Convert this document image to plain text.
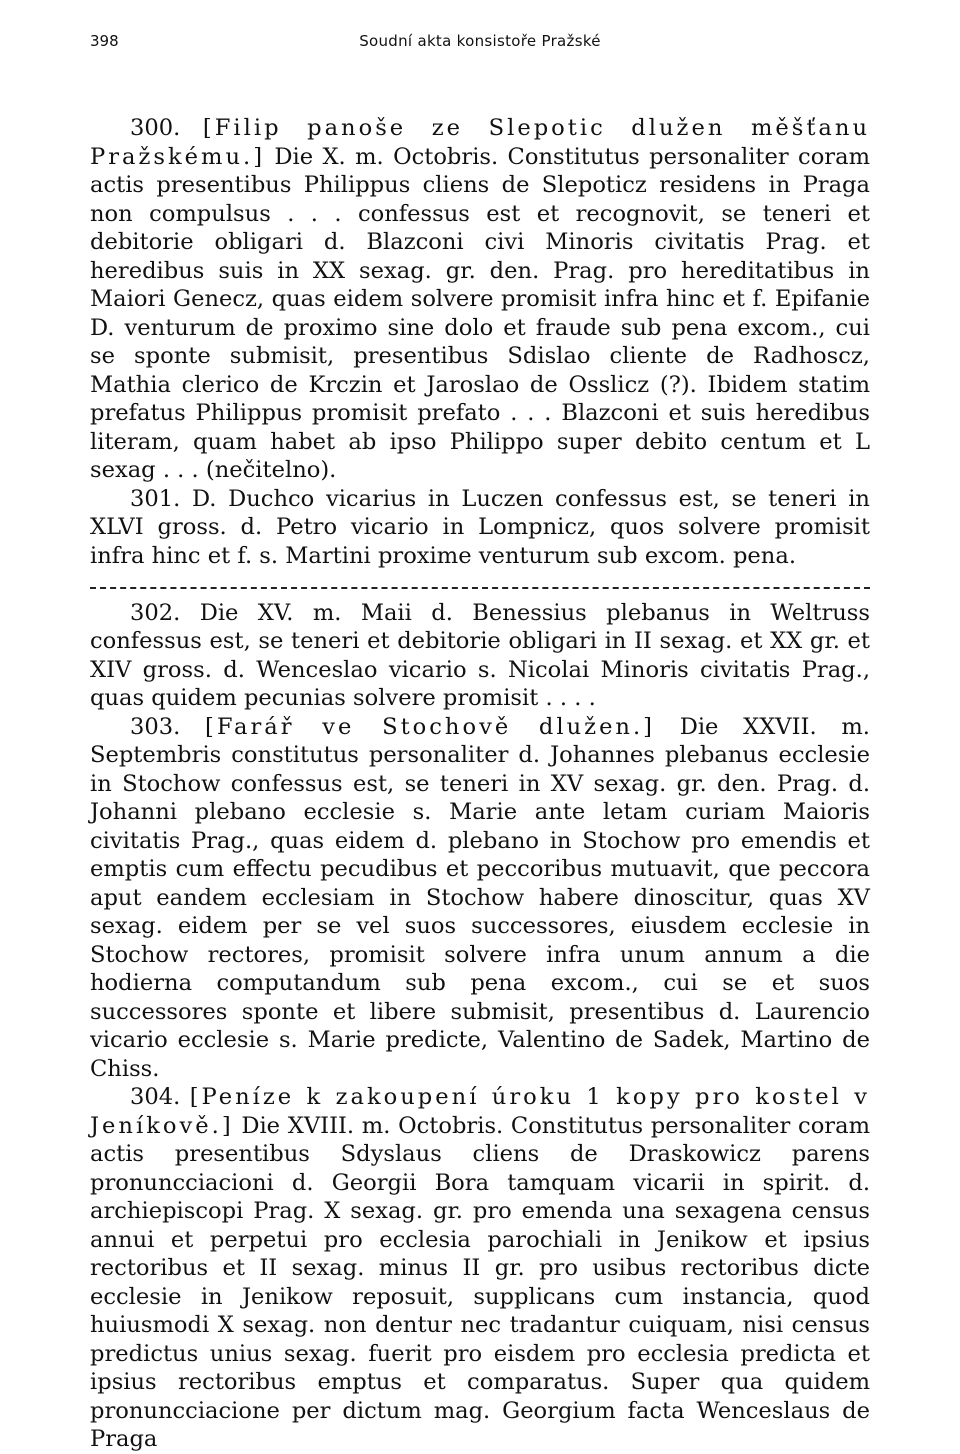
398	Soudní akta konsistoře Pražské

300. [Filip panoše ze Slepotic dlužen měšťanu Pražskému.] Die X. m. Octobris. Constitutus personaliter coram actis presentibus Philippus cliens de Slepoticz residens in Praga non compulsus . . . confessus est et recognovit, se teneri et debitorie obligari d. Blazconi civi Minoris civitatis Prag. et heredibus suis in XX sexag. gr. den. Prag. pro hereditatibus in Maiori Genecz, quas eidem solvere promisit infra hinc et f. Epifanie D. venturum de proximo sine dolo et fraude sub pena excom., cui se sponte submisit, presentibus Sdislao cliente de Radhoscz, Mathia clerico de Krczin et Jaroslao de Osslicz (?). Ibidem statim prefatus Philippus promisit prefato . . . Blazconi et suis heredibus literam, quam habet ab ipso Philippo super debito centum et L sexag . . . (nečitelno).

301. D. Duchco vicarius in Luczen confessus est, se teneri in XLVI gross. d. Petro vicario in Lompnicz, quos solvere promisit infra hinc et f. s. Martini proxime venturum sub excom. pena.

302. Die XV. m. Maii d. Benessius plebanus in Weltruss confessus est, se teneri et debitorie obligari in II sexag. et XX gr. et XIV gross. d. Wenceslao vicario s. Nicolai Minoris civitatis Prag., quas quidem pecunias solvere promisit . . . .

303. [Farář ve Stochově dlužen.] Die XXVII. m. Septembris constitutus personaliter d. Johannes plebanus ecclesie in Stochow confessus est, se teneri in XV sexag. gr. den. Prag. d. Johanni plebano ecclesie s. Marie ante letam curiam Maioris civitatis Prag., quas eidem d. plebano in Stochow pro emendis et emptis cum effectu pecudibus et peccoribus mutuavit, que peccora aput eandem ecclesiam in Stochow habere dinoscitur, quas XV sexag. eidem per se vel suos successores, eiusdem ecclesie in Stochow rectores, promisit solvere infra unum annum a die hodierna computandum sub pena excom., cui se et suos successores sponte et libere submisit, presentibus d. Laurencio vicario ecclesie s. Marie predicte, Valentino de Sadek, Martino de Chiss.

304. [Peníze k zakoupení úroku 1 kopy pro kostel v Jeníkově.] Die XVIII. m. Octobris. Constitutus personaliter coram actis presentibus Sdyslaus cliens de Draskowicz parens pronuncciacioni d. Georgii Bora tamquam vicarii in spirit. d. archiepiscopi Prag. X sexag. gr. pro emenda una sexagena census annui et perpetui pro ecclesia parochiali in Jenikow et ipsius rectoribus et II sexag. minus II gr. pro usibus rectoribus dicte ecclesie in Jenikow reposuit, supplicans cum instancia, quod huiusmodi X sexag. non dentur nec tradantur cuiquam, nisi census predictus unius sexag. fuerit pro eisdem pro ecclesia predicta et ipsius rectoribus emptus et comparatus. Super qua quidem pronuncciacione per dictum mag. Georgium facta Wenceslaus de Praga
